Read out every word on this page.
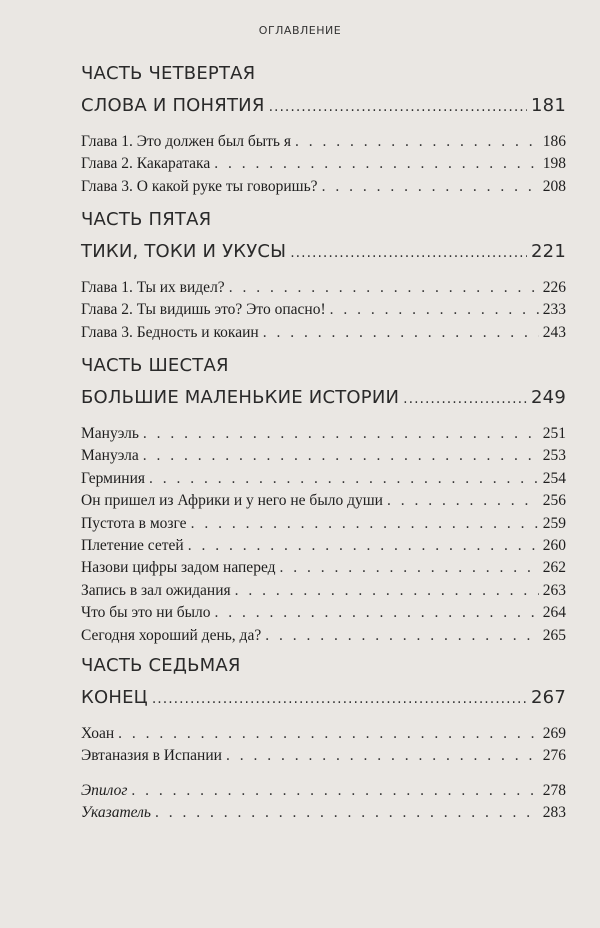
ОГЛАВЛЕНИЕ
ЧАСТЬ ЧЕТВЕРТАЯ
СЛОВА И ПОНЯТИЯ .....	181
Глава 1. Это должен был быть я . . .	186
Глава 2. Какаратака . . .	198
Глава 3. О какой руке ты говоришь? . . .	208
ЧАСТЬ ПЯТАЯ
ТИКИ, ТОКИ И УКУСЫ .....	221
Глава 1. Ты их видел? . . .	226
Глава 2. Ты видишь это? Это опасно! . . .	233
Глава 3. Бедность и кокаин . . .	243
ЧАСТЬ ШЕСТАЯ
БОЛЬШИЕ МАЛЕНЬКИЕ ИСТОРИИ .....	249
Мануэль . . .	251
Мануэла . . .	253
Герминия . . .	254
Он пришел из Африки и у него не было души . . .	256
Пустота в мозге . . .	259
Плетение сетей . . .	260
Назови цифры задом наперед . . .	262
Запись в зал ожидания . . .	263
Что бы это ни было . . .	264
Сегодня хороший день, да? . . .	265
ЧАСТЬ СЕДЬМАЯ
КОНЕЦ .....	267
Хоан . . .	269
Эвтаназия в Испании . . .	276
Эпилог . . .	278
Указатель . . .	283
